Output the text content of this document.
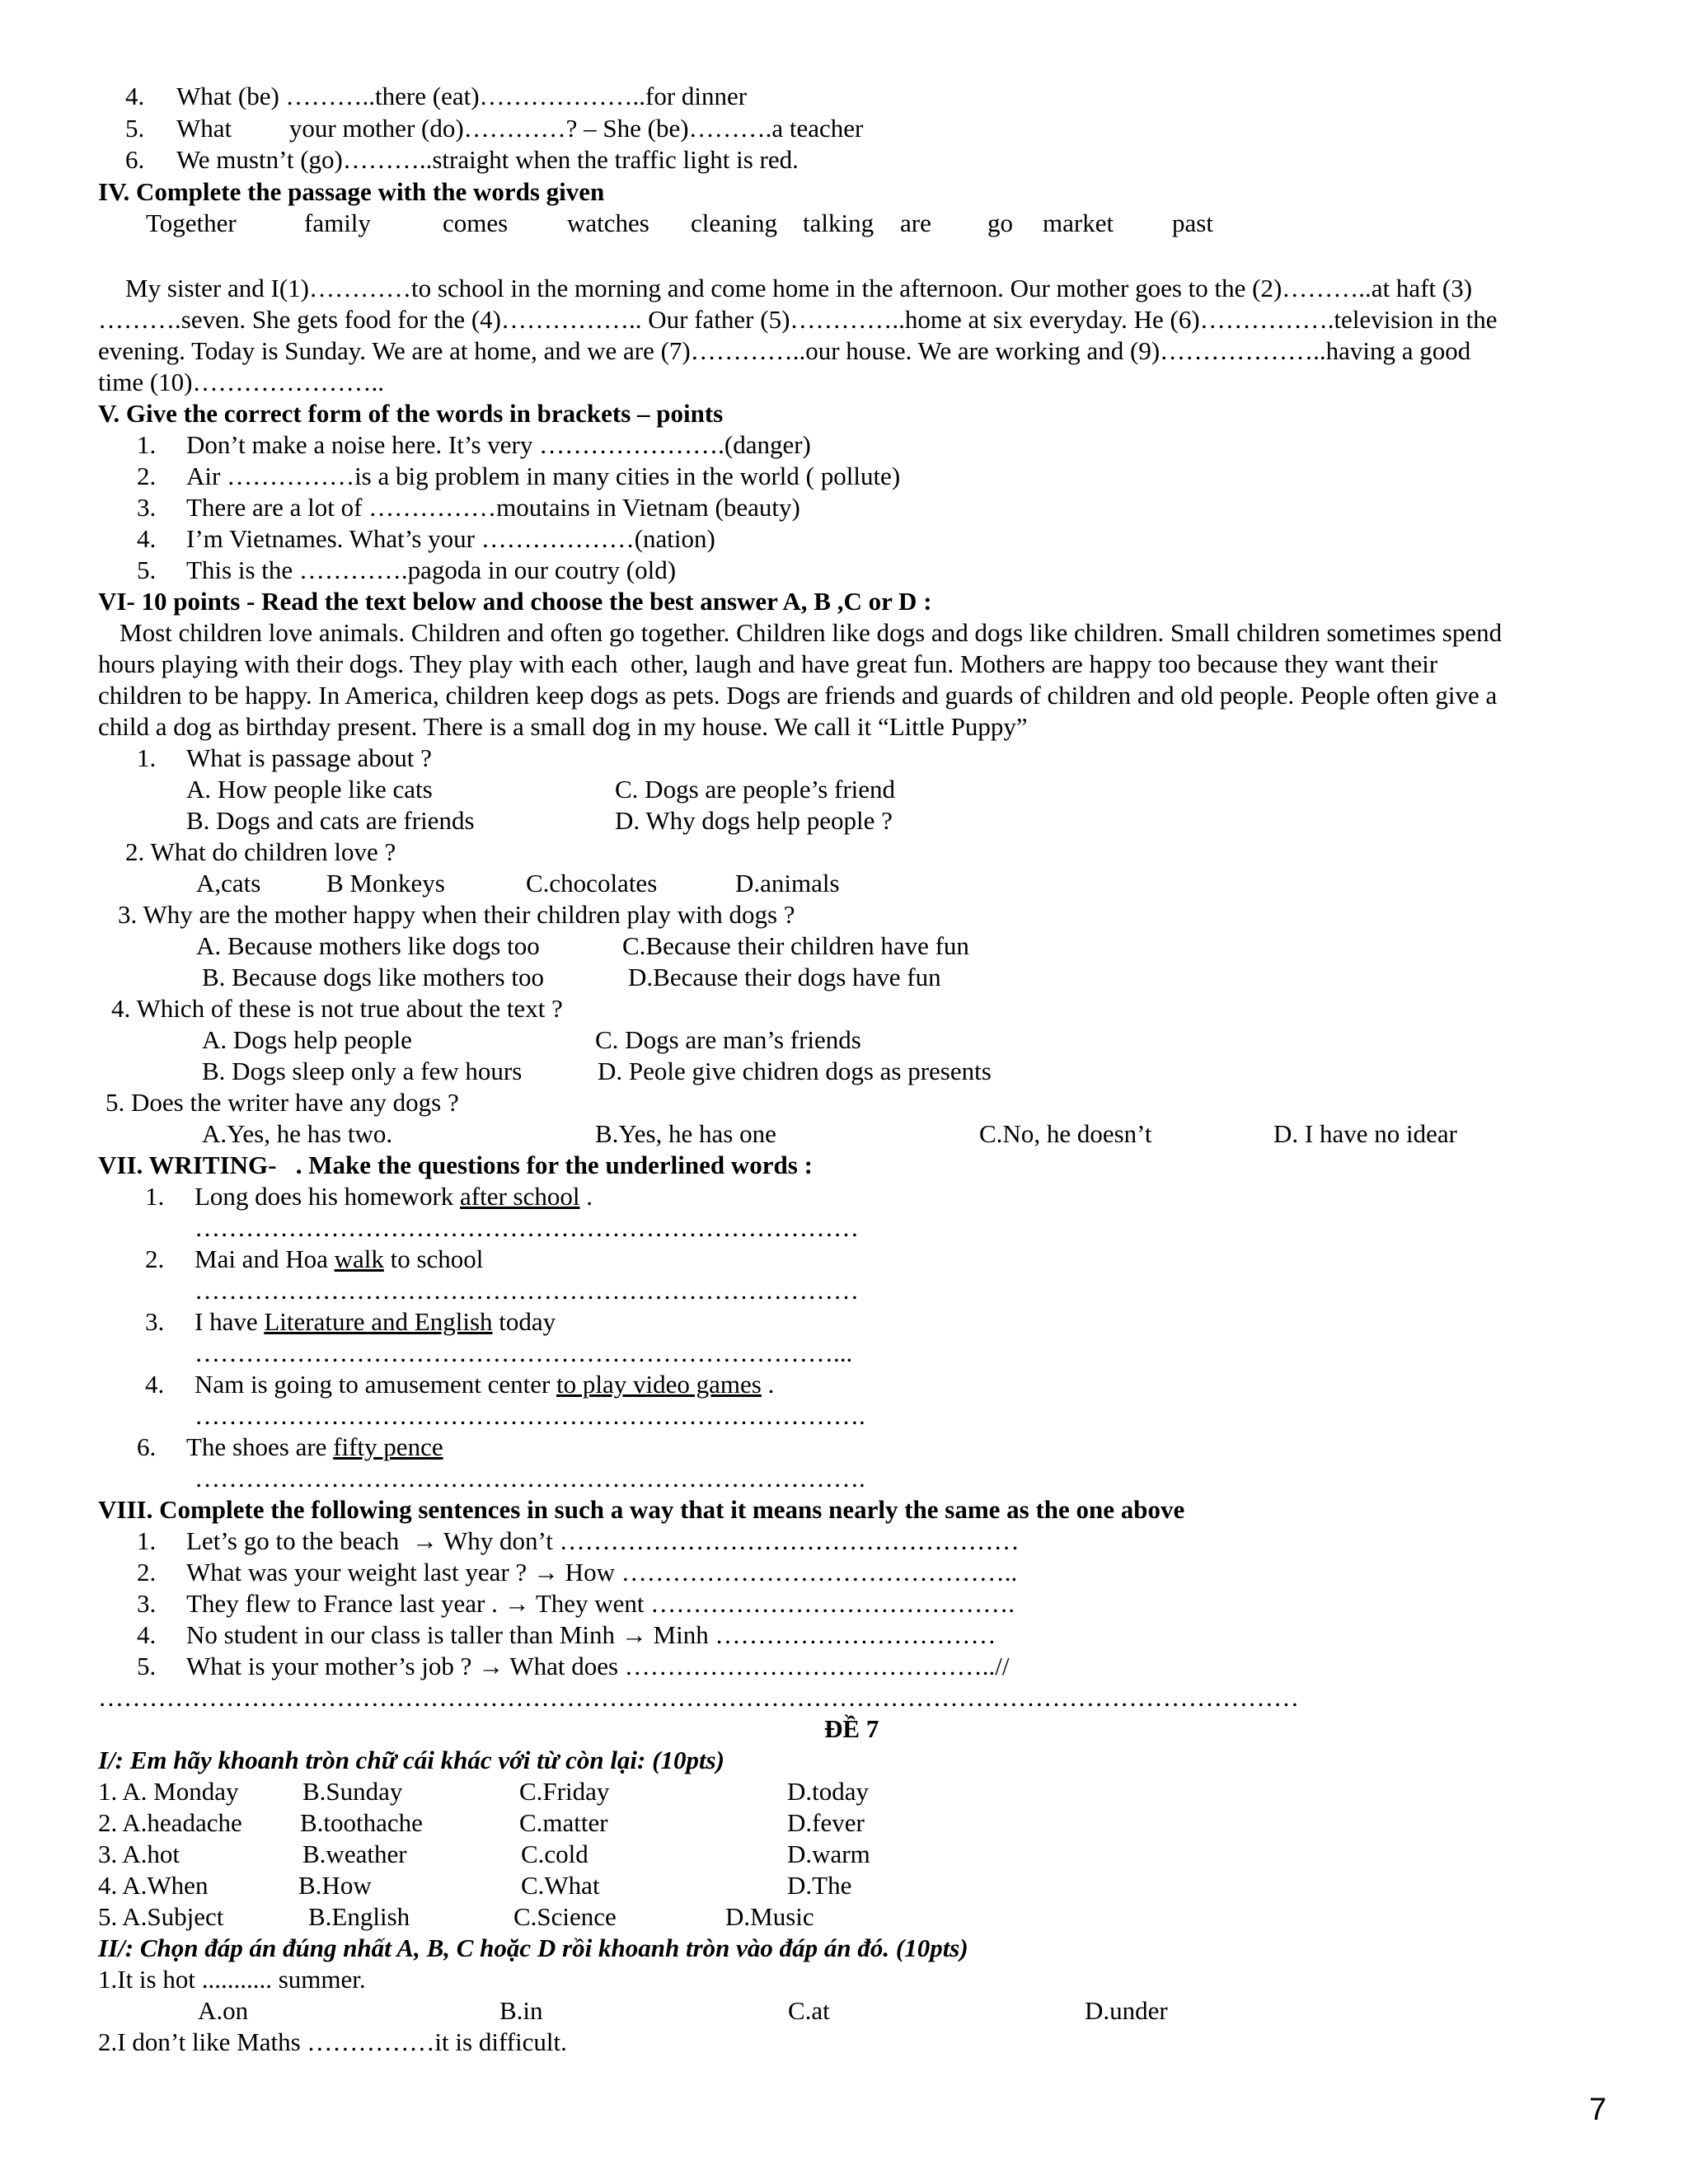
4. What (be) ………..there (eat)………………..for dinner
5. What         your mother (do)…………? – She (be)……….a teacher
6. We mustn’t (go)………..straight when the traffic light is red.
IV. Complete the passage with the words given
Together	family	comes watches cleaning talking are go market past
My sister and I(1)…………to school in the morning and come home in the afternoon. Our mother goes to the (2)………..at haft (3)
……….seven. She gets food for the (4)…………….. Our father (5)…………..home at six everyday. He (6)…………….television in the
evening. Today is Sunday. We are at home, and we are (7)…………..our house. We are working and (9)………………..having a good
time (10)…………………..
V. Give the correct form of the words in brackets – points
1. Don’t make a noise here. It’s very ………………….(danger)
2. Air ……………is a big problem in many cities in the world ( pollute)
3. There are a lot of ……………moutains in Vietnam (beauty)
4. I’m Vietnames. What’s your ………………(nation)
5. This is the ………….pagoda in our coutry (old)
VI- 10 points - Read the text below and choose the best answer A, B ,C or D :
Most children love animals. Children and often go together. Children like dogs and dogs like children. Small children sometimes spend
hours playing with their dogs. They play with each  other, laugh and have great fun. Mothers are happy too because they want their
children to be happy. In America, children keep dogs as pets. Dogs are friends and guards of children and old people. People often give a
child a dog as birthday present. There is a small dog in my house. We call it “Little Puppy”
1. What is passage about ?
A. How people like cats	C. Dogs are people’s friend
B. Dogs and cats are friends	D. Why dogs help people ?
2. What do children love ?
A,cats	B Monkeys	C.chocolates	D.animals
3. Why are the mother happy when their children play with dogs ?
A. Because mothers like dogs too	C.Because their children have fun
B. Because dogs like mothers too	D.Because their dogs have fun
4. Which of these is not true about the text ?
A. Dogs help people	C. Dogs are man’s friends
B. Dogs sleep only a few hours	D. Peole give chidren dogs as presents
5. Does the writer have any dogs ?
A.Yes, he has two.	B.Yes, he has one	C.No, he doesn’t	D. I have no idear
VII. WRITING-   . Make the questions for the underlined words :
1. Long does his homework after school .
……………………………………………………………………
2. Mai and Hoa walk to school
……………………………………………………………………
3. I have Literature and English today
…………………………………………………………………...
4. Nam is going to amusement center to play video games .
…………………………………………………………………….
6. The shoes are fifty pence
…………………………………………………………………….
VIII. Complete the following sentences in such a way that it means nearly the same as the one above
1. Let’s go to the beach  → Why don’t ………………………………………………
2. What was your weight last year ? → How ………………………………………..
3. They flew to France last year . → They went …………………………………….
4. No student in our class is taller than Minh → Minh ……………………………
5. What is your mother’s job ? → What does ……………………………………..//
……………………………………………………………………………………………………………………………
ĐỀ 7
I/: Em hãy khoanh tròn chữ cái khác với từ còn lại: (10pts)
1. A. Monday	B.Sunday	C.Friday	D.today
2. A.headache B.toothache	C.matter	D.fever
3. A.hot	B.weather	C.cold	D.warm
4. A.When	B.How	C.What	D.The
5. A.Subject	B.English	C.Science	D.Music
II/: Chọn đáp án đúng nhất A, B, C hoặc D rồi khoanh tròn vào đáp án đó. (10pts)
1.It is hot ........... summer.
A.on	B.in	C.at	D.under
2.I don’t like Maths ……………it is difficult.
7
